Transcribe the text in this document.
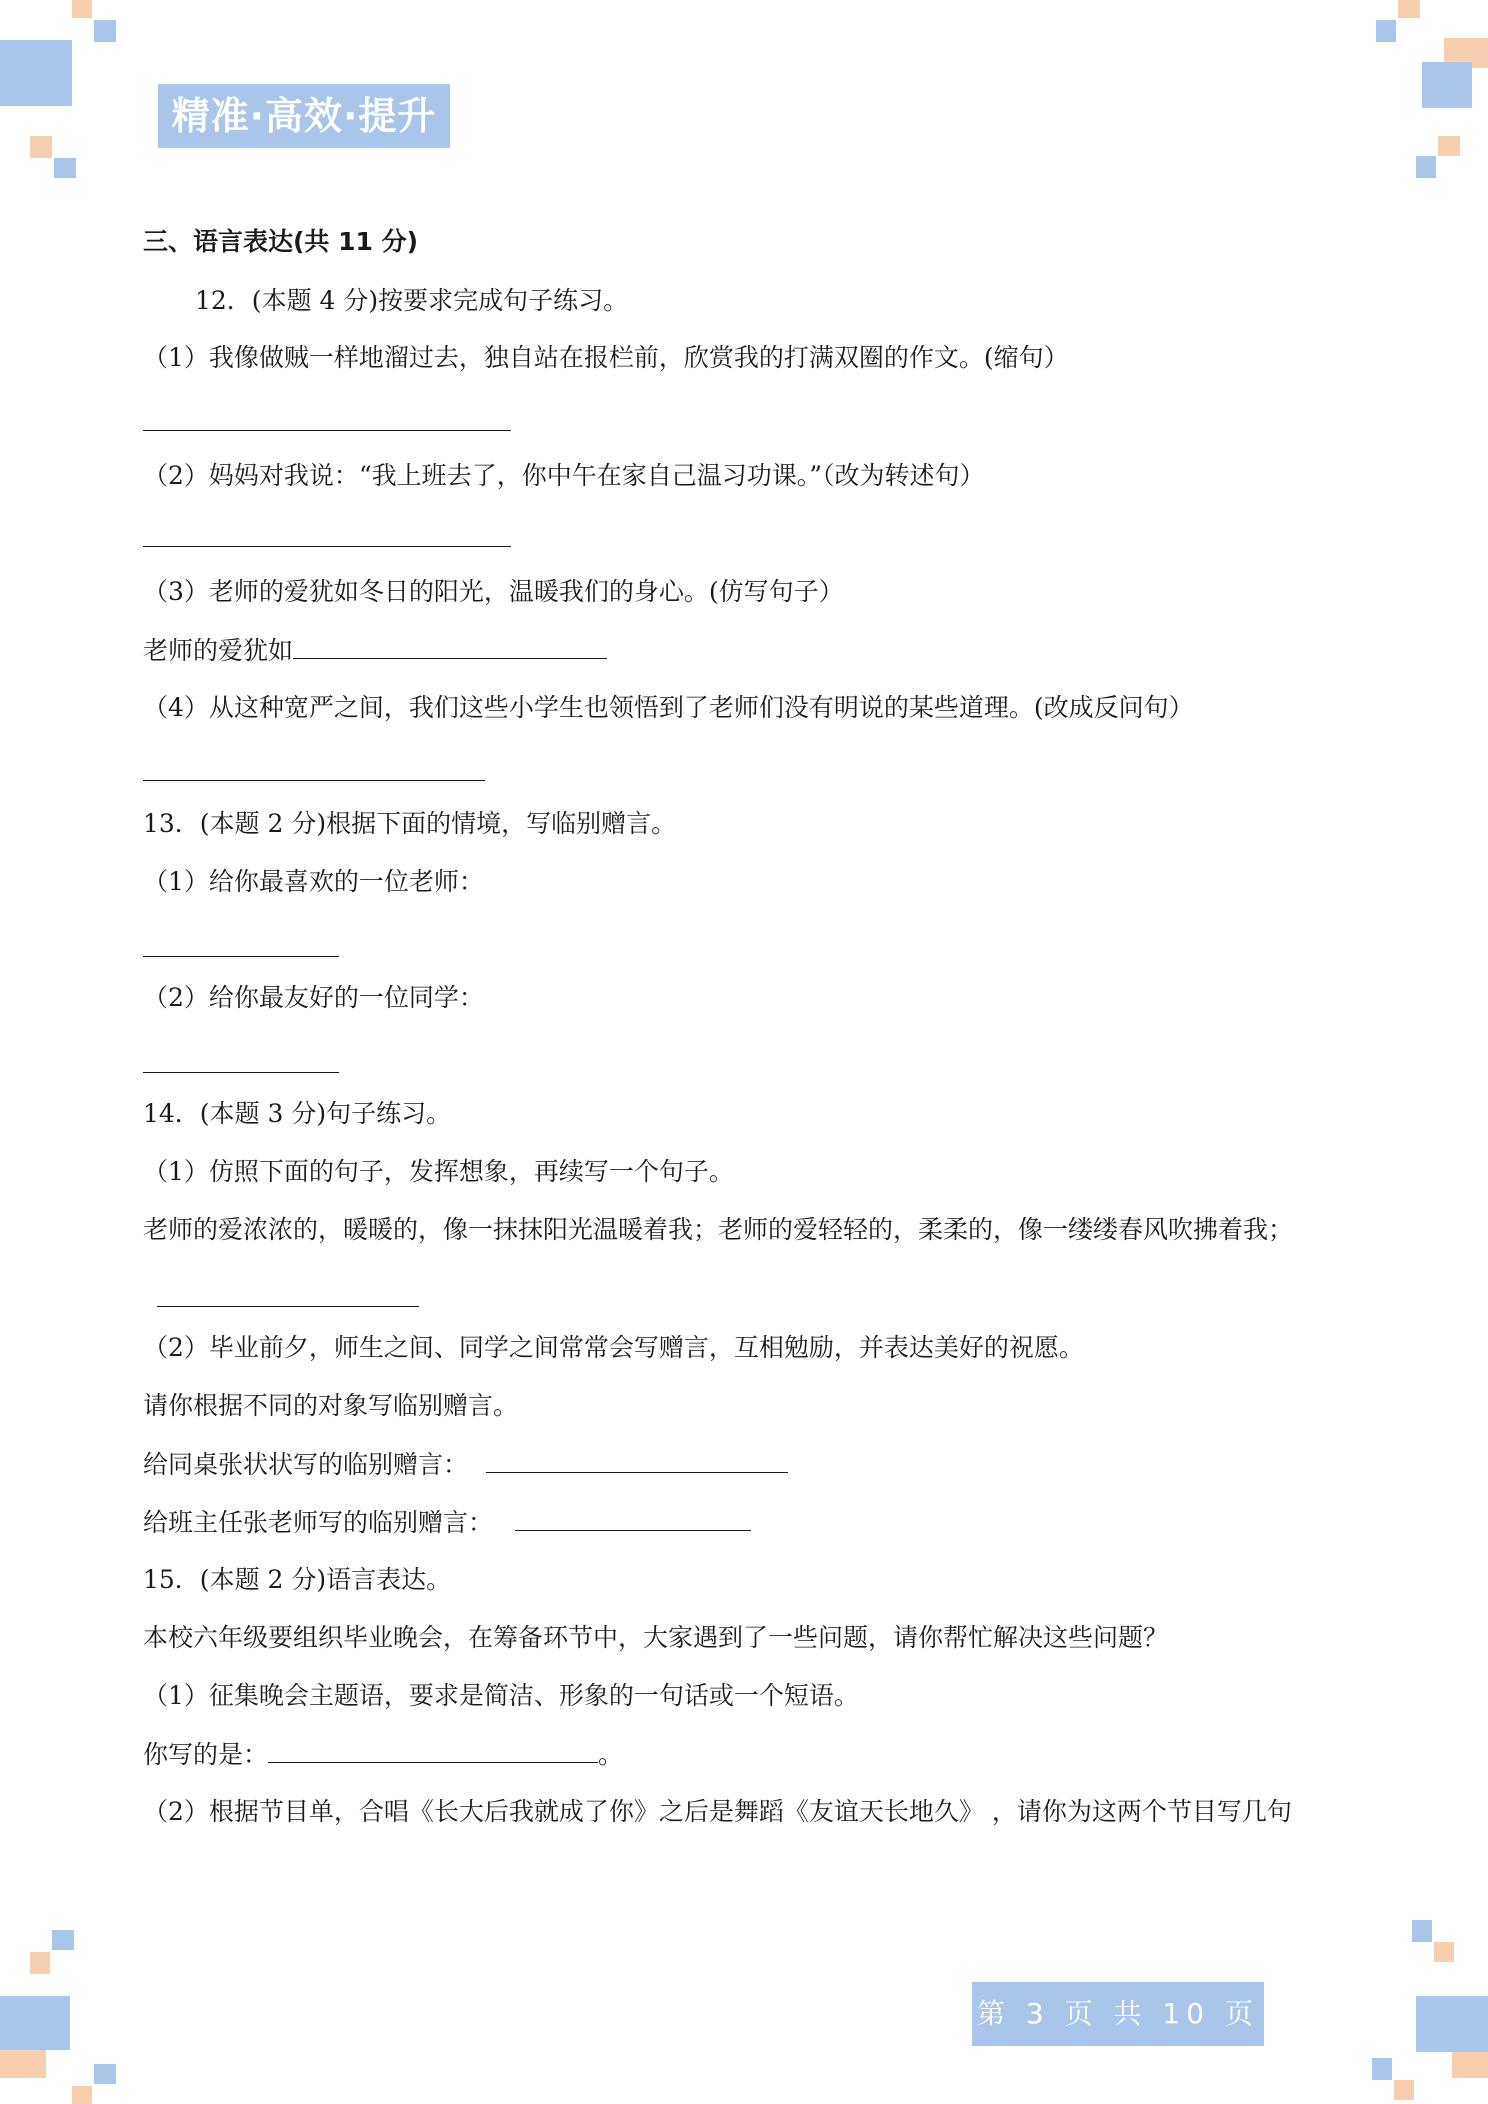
精准·高效·提升
三、语言表达(共 11 分)
12．(本题 4 分)按要求完成句子练习。
（1）我像做贼一样地溜过去，独自站在报栏前，欣赏我的打满双圈的作文。(缩句）
（2）妈妈对我说：“我上班去了，你中午在家自己温习功课。”（改为转述句）
（3）老师的爱犹如冬日的阳光，温暖我们的身心。(仿写句子）
老师的爱犹如
（4）从这种宽严之间，我们这些小学生也领悟到了老师们没有明说的某些道理。(改成反问句）
13．(本题 2 分)根据下面的情境，写临别赠言。
（1）给你最喜欢的一位老师：
（2）给你最友好的一位同学：
14．(本题 3 分)句子练习。
（1）仿照下面的句子，发挥想象，再续写一个句子。
老师的爱浓浓的，暖暖的，像一抹抹阳光温暖着我；老师的爱轻轻的，柔柔的，像一缕缕春风吹拂着我；
（2）毕业前夕，师生之间、同学之间常常会写赠言，互相勉励，并表达美好的祝愿。
请你根据不同的对象写临别赠言。
给同桌张状状写的临别赠言：
给班主任张老师写的临别赠言：
15．(本题 2 分)语言表达。
本校六年级要组织毕业晚会，在筹备环节中，大家遇到了一些问题，请你帮忙解决这些问题？
（1）征集晚会主题语，要求是简洁、形象的一句话或一个短语。
你写的是：	。
（2）根据节目单，合唱《长大后我就成了你》之后是舞蹈《友谊天长地久》 ，请你为这两个节目写几句
第 3 页 共 10 页
